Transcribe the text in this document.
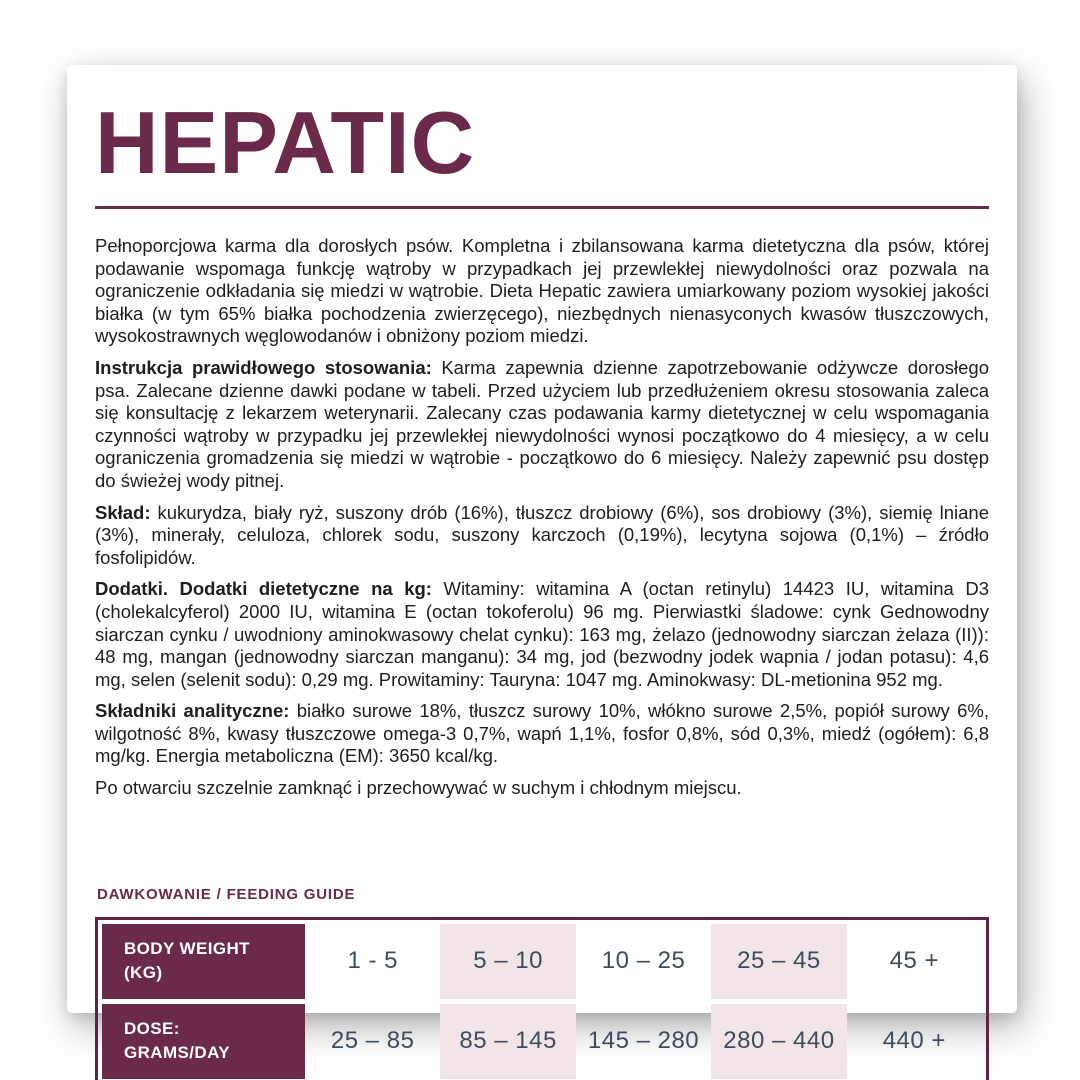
HEPATIC

Pełnoporcjowa karma dla dorosłych psów. Kompletna i zbilansowana karma dietetyczna dla psów, której podawanie wspomaga funkcję wątroby w przypadkach jej przewlekłej niewydolności oraz pozwala na ograniczenie odkładania się miedzi w wątrobie. Dieta Hepatic zawiera umiarkowany poziom wysokiej jakości białka (w tym 65% białka pochodzenia zwierzęcego), niezbędnych nienasyconych kwasów tłuszczowych, wysokostrawnych węglowodanów i obniżony poziom miedzi.

Instrukcja prawidłowego stosowania: Karma zapewnia dzienne zapotrzebowanie odżywcze dorosłego psa. Zalecane dzienne dawki podane w tabeli. Przed użyciem lub przedłużeniem okresu stosowania zaleca się konsultację z lekarzem weterynarii. Zalecany czas podawania karmy dietetycznej w celu wspomagania czynności wątroby w przypadku jej przewlekłej niewydolności wynosi początkowo do 4 miesięcy, a w celu ograniczenia gromadzenia się miedzi w wątrobie - początkowo do 6 miesięcy. Należy zapewnić psu dostęp do świeżej wody pitnej.

Skład: kukurydza, biały ryż, suszony drób (16%), tłuszcz drobiowy (6%), sos drobiowy (3%), siemię lniane (3%), minerały, celuloza, chlorek sodu, suszony karczoch (0,19%), lecytyna sojowa (0,1%) – źródło fosfolipidów.

Dodatki. Dodatki dietetyczne na kg: Witaminy: witamina A (octan retinylu) 14423 IU, witamina D3 (cholekalcyferol) 2000 IU, witamina E (octan tokoferolu) 96 mg. Pierwiastki śladowe: cynk Gednowodny siarczan cynku / uwodniony aminokwasowy chelat cynku): 163 mg, żelazo (jednowodny siarczan żelaza (II)): 48 mg, mangan (jednowodny siarczan manganu): 34 mg, jod (bezwodny jodek wapnia / jodan potasu): 4,6 mg, selen (selenit sodu): 0,29 mg. Prowitaminy: Tauryna: 1047 mg. Aminokwasy: DL-metionina 952 mg.

Składniki analityczne: białko surowe 18%, tłuszcz surowy 10%, włókno surowe 2,5%, popiół surowy 6%, wilgotność 8%, kwasy tłuszczowe omega-3 0,7%, wapń 1,1%, fosfor 0,8%, sód 0,3%, miedź (ogółem): 6,8 mg/kg. Energia metaboliczna (EM): 3650 kcal/kg.

Po otwarciu szczelnie zamknąć i przechowywać w suchym i chłodnym miejscu.

DAWKOWANIE / FEEDING GUIDE
BODY WEIGHT
(KG)	1 - 5	5 – 10	10 – 25	25 – 45	45 +
DOSE:
GRAMS/DAY	25 – 85	85 – 145	145 – 280	280 – 440	440 +
